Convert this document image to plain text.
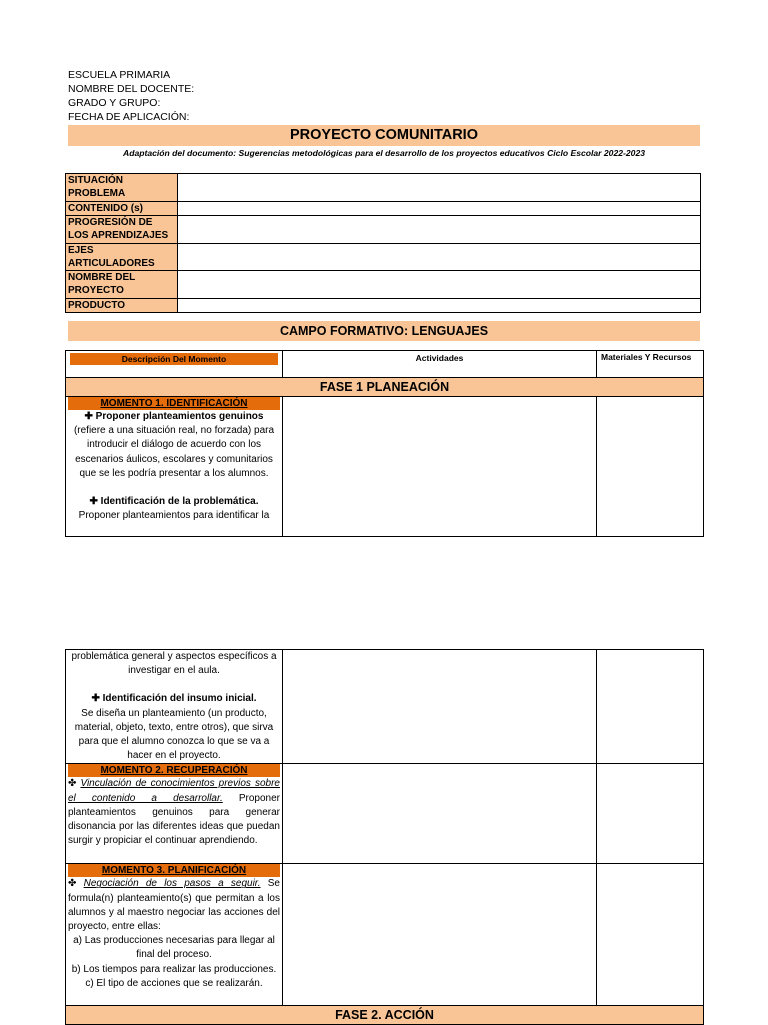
ESCUELA PRIMARIA
NOMBRE DEL DOCENTE:
GRADO Y GRUPO:
FECHA DE APLICACIÓN:
PROYECTO COMUNITARIO
Adaptación del documento: Sugerencias metodológicas para el desarrollo de los proyectos educativos Ciclo Escolar 2022-2023
SITUACIÓN PROBLEMA	
CONTENIDO (s)	
PROGRESIÓN DE LOS APRENDIZAJES	
EJES ARTICULADORES	
NOMBRE DEL PROYECTO	
PRODUCTO	
CAMPO FORMATIVO: LENGUAJES
Descripción Del Momento	Actividades	Materiales Y Recursos
FASE 1 PLANEACIÓN		

MOMENTO 1. IDENTIFICACIÓN
✚ Proponer planteamientos genuinos
(refiere a una situación real, no forzada) para introducir el diálogo de acuerdo con los escenarios áulicos, escolares y comunitarios que se les podría presentar a los alumnos.
✚ Identificación de la problemática.
Proponer planteamientos para identificar la		

problemática general y aspectos específicos a investigar en el aula.
✚ Identificación del insumo inicial.
Se diseña un planteamiento (un producto, material, objeto, texto, entre otros), que sirva para que el alumno conozca lo que se va a hacer en el proyecto.		

MOMENTO 2. RECUPERACIÓN
✤ Vinculación de conocimientos previos sobre el contenido a desarrollar. Proponer planteamientos genuinos para generar disonancia por las diferentes ideas que puedan surgir y propiciar el continuar aprendiendo.		

MOMENTO 3. PLANIFICACIÓN
✤ Negociación de los pasos a seguir. Se formula(n) planteamiento(s) que permitan a los alumnos y al maestro negociar las acciones del proyecto, entre ellas:
a) Las producciones necesarias para llegar al final del proceso.
b) Los tiempos para realizar las producciones.
c) El tipo de acciones que se realizarán.		

FASE 2. ACCIÓN		
